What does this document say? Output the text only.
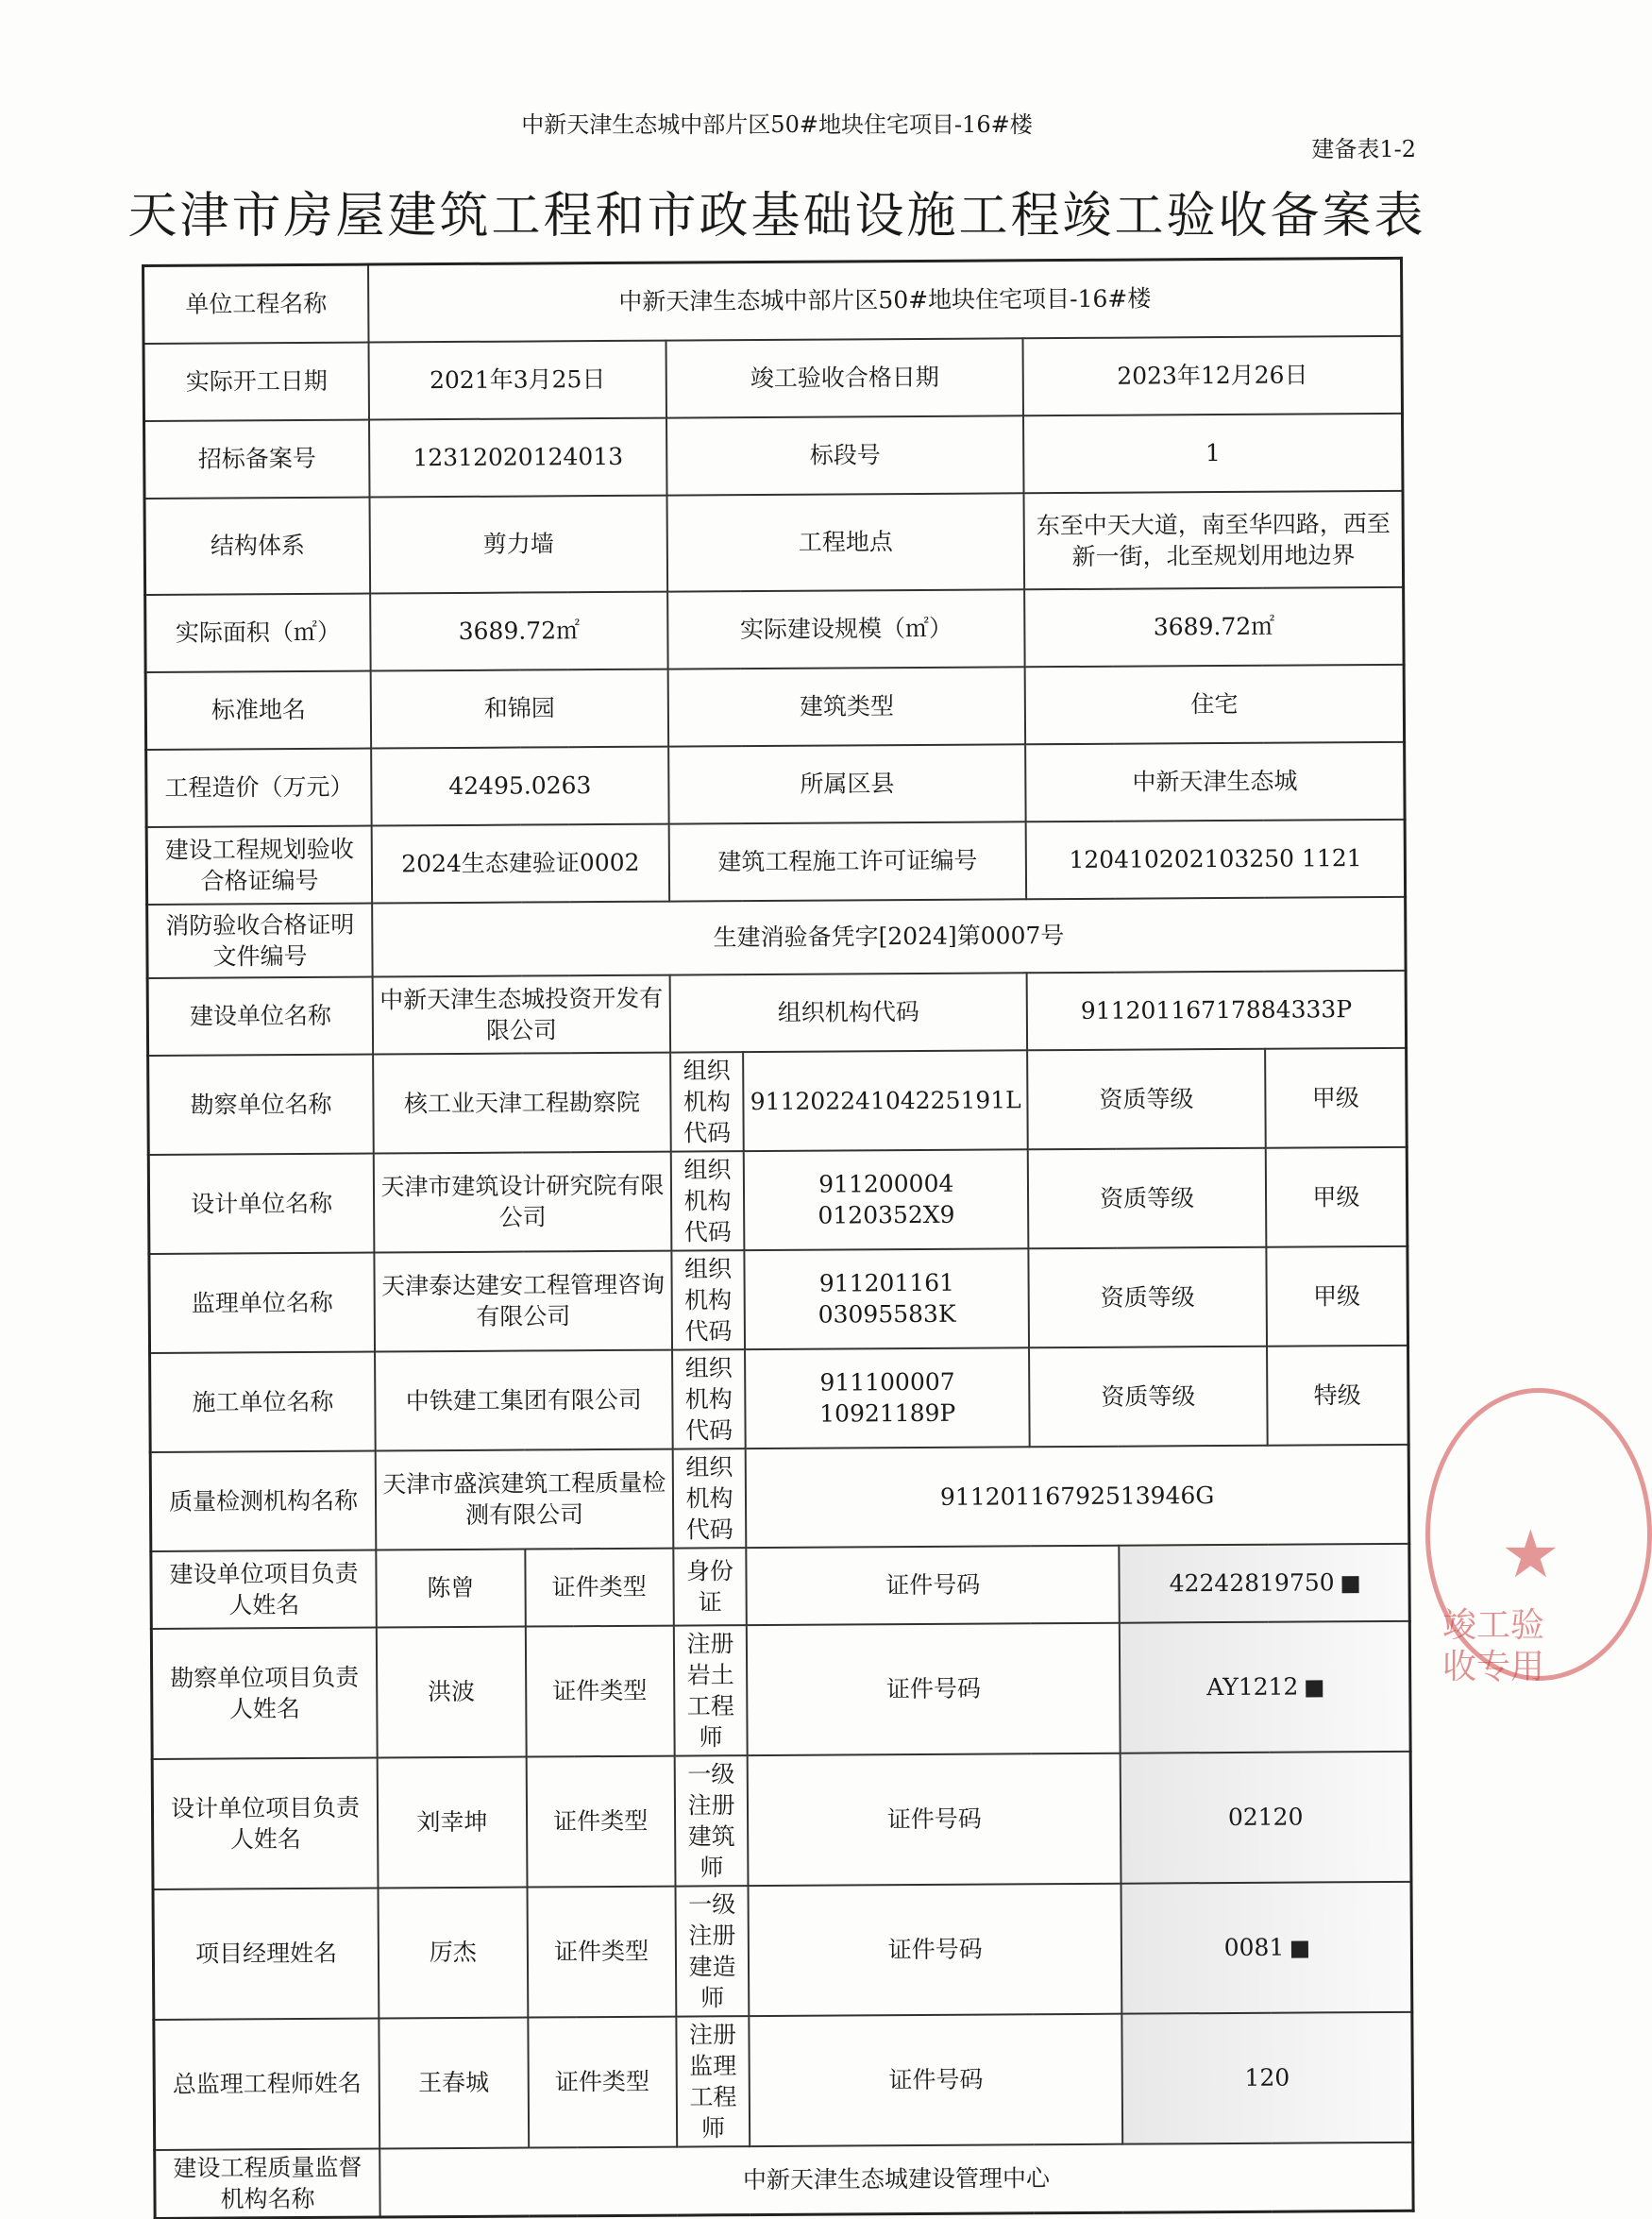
中新天津生态城中部片区50#地块住宅项目-16#楼
建备表1-2
天津市房屋建筑工程和市政基础设施工程竣工验收备案表
单位工程名称	中新天津生态城中部片区50#地块住宅项目-16#楼						
实际开工日期	2021年3月25日		竣工验收合格日期		2023年12月26日		
招标备案号	12312020124013		标段号		1		
结构体系	剪力墙		工程地点		东至中天大道，南至华四路，西至新一街，北至规划用地边界		
实际面积（㎡）	3689.72㎡		实际建设规模（㎡）		3689.72㎡		
标准地名	和锦园		建筑类型		住宅		
工程造价（万元）	42495.0263		所属区县		中新天津生态城		
建设工程规划验收合格证编号	2024生态建验证0002		建筑工程施工许可证编号		120410202103250 1121		
消防验收合格证明文件编号	生建消验备凭字[2024]第0007号						
建设单位名称	中新天津生态城投资开发有限公司		组织机构代码		91120116717884333P		
勘察单位名称	核工业天津工程勘察院		组织机构代码	91120224104225191L	资质等级		甲级
设计单位名称	天津市建筑设计研究院有限公司		组织机构代码	911200004 0120352X9	资质等级		甲级
监理单位名称	天津泰达建安工程管理咨询有限公司		组织机构代码	911201161 03095583K	资质等级		甲级
施工单位名称	中铁建工集团有限公司		组织机构代码	911100007 10921189P	资质等级		特级
质量检测机构名称	天津市盛滨建筑工程质量检测有限公司		组织机构代码	91120116792513946G			
建设单位项目负责人姓名	陈曾	证件类型	身份证	证件号码		42242819750	
勘察单位项目负责人姓名	洪波	证件类型	注册岩土工程师	证件号码		AY1212	
设计单位项目负责人姓名	刘幸坤	证件类型	一级注册建筑师	证件号码		02120	
项目经理姓名	厉杰	证件类型	一级注册建造师	证件号码		0081	
总监理工程师姓名	王春城	证件类型	注册监理工程师	证件号码		120	
建设工程质量监督机构名称	中新天津生态城建设管理中心						
★
竣工验收专用
